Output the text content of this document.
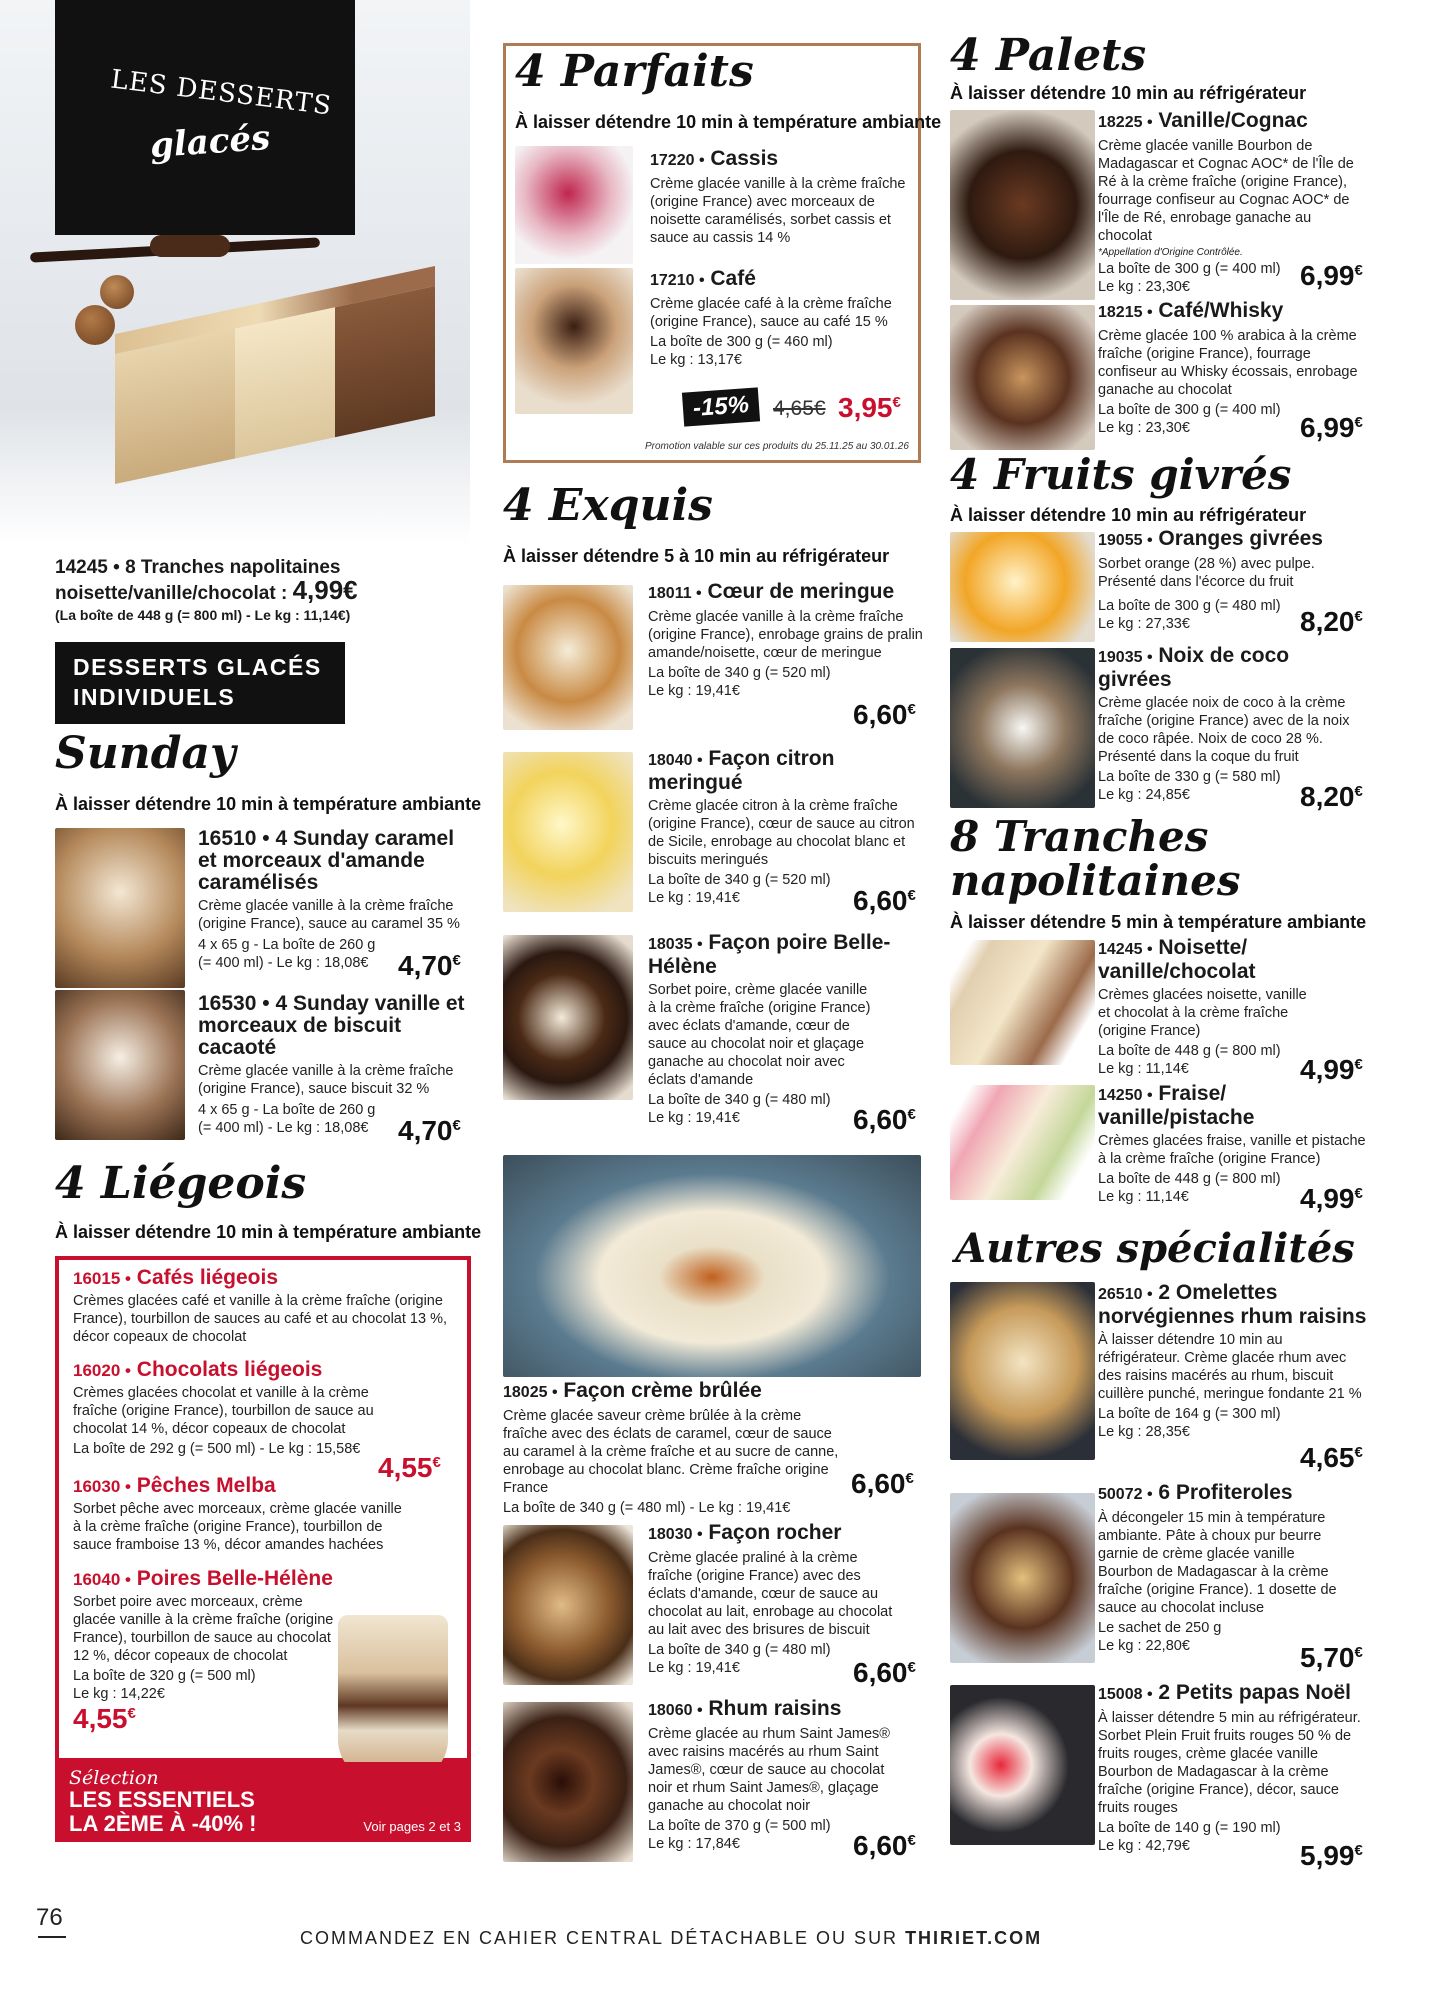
LES DESSERTS
glacés
14245 • 8 Tranches napolitaines
noisette/vanille/chocolat : 4,99€
(La boîte de 448 g (= 800 ml) - Le kg : 11,14€)
DESSERTS GLACÉS
INDIVIDUELS
Sunday
À laisser détendre 10 min à température ambiante
16510 • 4 Sunday caramel et morceaux d'amande caramélisés
Crème glacée vanille à la crème fraîche (origine France), sauce au caramel 35 %
4 x 65 g - La boîte de 260 g
(= 400 ml) - Le kg : 18,08€	4,70€
16530 • 4 Sunday vanille et morceaux de biscuit cacaoté
Crème glacée vanille à la crème fraîche (origine France), sauce biscuit 32 %
4 x 65 g - La boîte de 260 g
(= 400 ml) - Le kg : 18,08€	4,70€
4 Liégeois
À laisser détendre 10 min à température ambiante
16015 • Cafés liégeois
Crèmes glacées café et vanille à la crème fraîche (origine France), tourbillon de sauces au café et au chocolat 13 %, décor copeaux de chocolat
16020 • Chocolats liégeois
Crèmes glacées chocolat et vanille à la crème fraîche (origine France), tourbillon de sauce au chocolat 14 %, décor copeaux de chocolat
La boîte de 292 g (= 500 ml) - Le kg : 15,58€
4,55€
16030 • Pêches Melba
Sorbet pêche avec morceaux, crème glacée vanille à la crème fraîche (origine France), tourbillon de sauce framboise 13 %, décor amandes hachées
16040 • Poires Belle-Hélène
Sorbet poire avec morceaux, crème glacée vanille à la crème fraîche (origine France), tourbillon de sauce au chocolat 12 %, décor copeaux de chocolat
La boîte de 320 g (= 500 ml)
Le kg : 14,22€
4,55€
Sélection
LES ESSENTIELS
LA 2ÈME À -40% !	Voir pages 2 et 3
4 Parfaits
À laisser détendre 10 min à température ambiante
17220 • Cassis
Crème glacée vanille à la crème fraîche (origine France) avec morceaux de noisette caramélisés, sorbet cassis et sauce au cassis 14 %
17210 • Café
Crème glacée café à la crème fraîche (origine France), sauce au café 15 %
La boîte de 300 g (= 460 ml)
Le kg : 13,17€
-15%	4,65€ 3,95€
Promotion valable sur ces produits du 25.11.25 au 30.01.26
4 Exquis
À laisser détendre 5 à 10 min au réfrigérateur
18011 • Cœur de meringue
Crème glacée vanille à la crème fraîche (origine France), enrobage grains de pralin amande/noisette, cœur de meringue
La boîte de 340 g (= 520 ml)
Le kg : 19,41€
6,60€
18040 • Façon citron meringué
Crème glacée citron à la crème fraîche (origine France), cœur de sauce au citron de Sicile, enrobage au chocolat blanc et biscuits meringués
La boîte de 340 g (= 520 ml)
Le kg : 19,41€	6,60€
18035 • Façon poire Belle-Hélène
Sorbet poire, crème glacée vanille à la crème fraîche (origine France) avec éclats d'amande, cœur de sauce au chocolat noir et glaçage ganache au chocolat noir avec éclats d'amande
La boîte de 340 g (= 480 ml)
Le kg : 19,41€	6,60€
18025 • Façon crème brûlée
Crème glacée saveur crème brûlée à la crème fraîche avec des éclats de caramel, cœur de sauce au caramel à la crème fraîche et au sucre de canne, enrobage au chocolat blanc. Crème fraîche origine France
La boîte de 340 g (= 480 ml) - Le kg : 19,41€
6,60€
18030 • Façon rocher
Crème glacée praliné à la crème fraîche (origine France) avec des éclats d'amande, cœur de sauce au chocolat au lait, enrobage au chocolat au lait avec des brisures de biscuit
La boîte de 340 g (= 480 ml)
Le kg : 19,41€	6,60€
18060 • Rhum raisins
Crème glacée au rhum Saint James® avec raisins macérés au rhum Saint James®, cœur de sauce au chocolat noir et rhum Saint James®, glaçage ganache au chocolat noir
La boîte de 370 g (= 500 ml)
Le kg : 17,84€	6,60€
4 Palets
À laisser détendre 10 min au réfrigérateur
18225 • Vanille/Cognac
Crème glacée vanille Bourbon de Madagascar et Cognac AOC* de l'Île de Ré à la crème fraîche (origine France), fourrage confiseur au Cognac AOC* de l'Île de Ré, enrobage ganache au chocolat
*Appellation d'Origine Contrôlée.
La boîte de 300 g (= 400 ml)
Le kg : 23,30€	6,99€
18215 • Café/Whisky
Crème glacée 100 % arabica à la crème fraîche (origine France), fourrage confiseur au Whisky écossais, enrobage ganache au chocolat
La boîte de 300 g (= 400 ml)
Le kg : 23,30€	6,99€
4 Fruits givrés
À laisser détendre 10 min au réfrigérateur
19055 • Oranges givrées
Sorbet orange (28 %) avec pulpe. Présenté dans l'écorce du fruit
La boîte de 300 g (= 480 ml)
Le kg : 27,33€	8,20€
19035 • Noix de coco givrées
Crème glacée noix de coco à la crème fraîche (origine France) avec de la noix de coco râpée. Noix de coco 28 %. Présenté dans la coque du fruit
La boîte de 330 g (= 580 ml)
Le kg : 24,85€	8,20€
8 Tranches
napolitaines
À laisser détendre 5 min à température ambiante
14245 • Noisette/ vanille/chocolat
Crèmes glacées noisette, vanille et chocolat à la crème fraîche (origine France)
La boîte de 448 g (= 800 ml)
Le kg : 11,14€	4,99€
14250 • Fraise/ vanille/pistache
Crèmes glacées fraise, vanille et pistache à la crème fraîche (origine France)
La boîte de 448 g (= 800 ml)
Le kg : 11,14€	4,99€
Autres spécialités
26510 • 2 Omelettes norvégiennes rhum raisins
À laisser détendre 10 min au réfrigérateur. Crème glacée rhum avec des raisins macérés au rhum, biscuit cuillère punché, meringue fondante 21 %
La boîte de 164 g (= 300 ml)
Le kg : 28,35€
4,65€
50072 • 6 Profiteroles
À décongeler 15 min à température ambiante. Pâte à choux pur beurre garnie de crème glacée vanille Bourbon de Madagascar à la crème fraîche (origine France). 1 dosette de sauce au chocolat incluse
Le sachet de 250 g
Le kg : 22,80€	5,70€
15008 • 2 Petits papas Noël
À laisser détendre 5 min au réfrigérateur. Sorbet Plein Fruit fruits rouges 50 % de fruits rouges, crème glacée vanille Bourbon de Madagascar à la crème fraîche (origine France), décor, sauce fruits rouges
La boîte de 140 g (= 190 ml)
Le kg : 42,79€	5,99€
76
COMMANDEZ EN CAHIER CENTRAL DÉTACHABLE OU SUR THIRIET.COM
